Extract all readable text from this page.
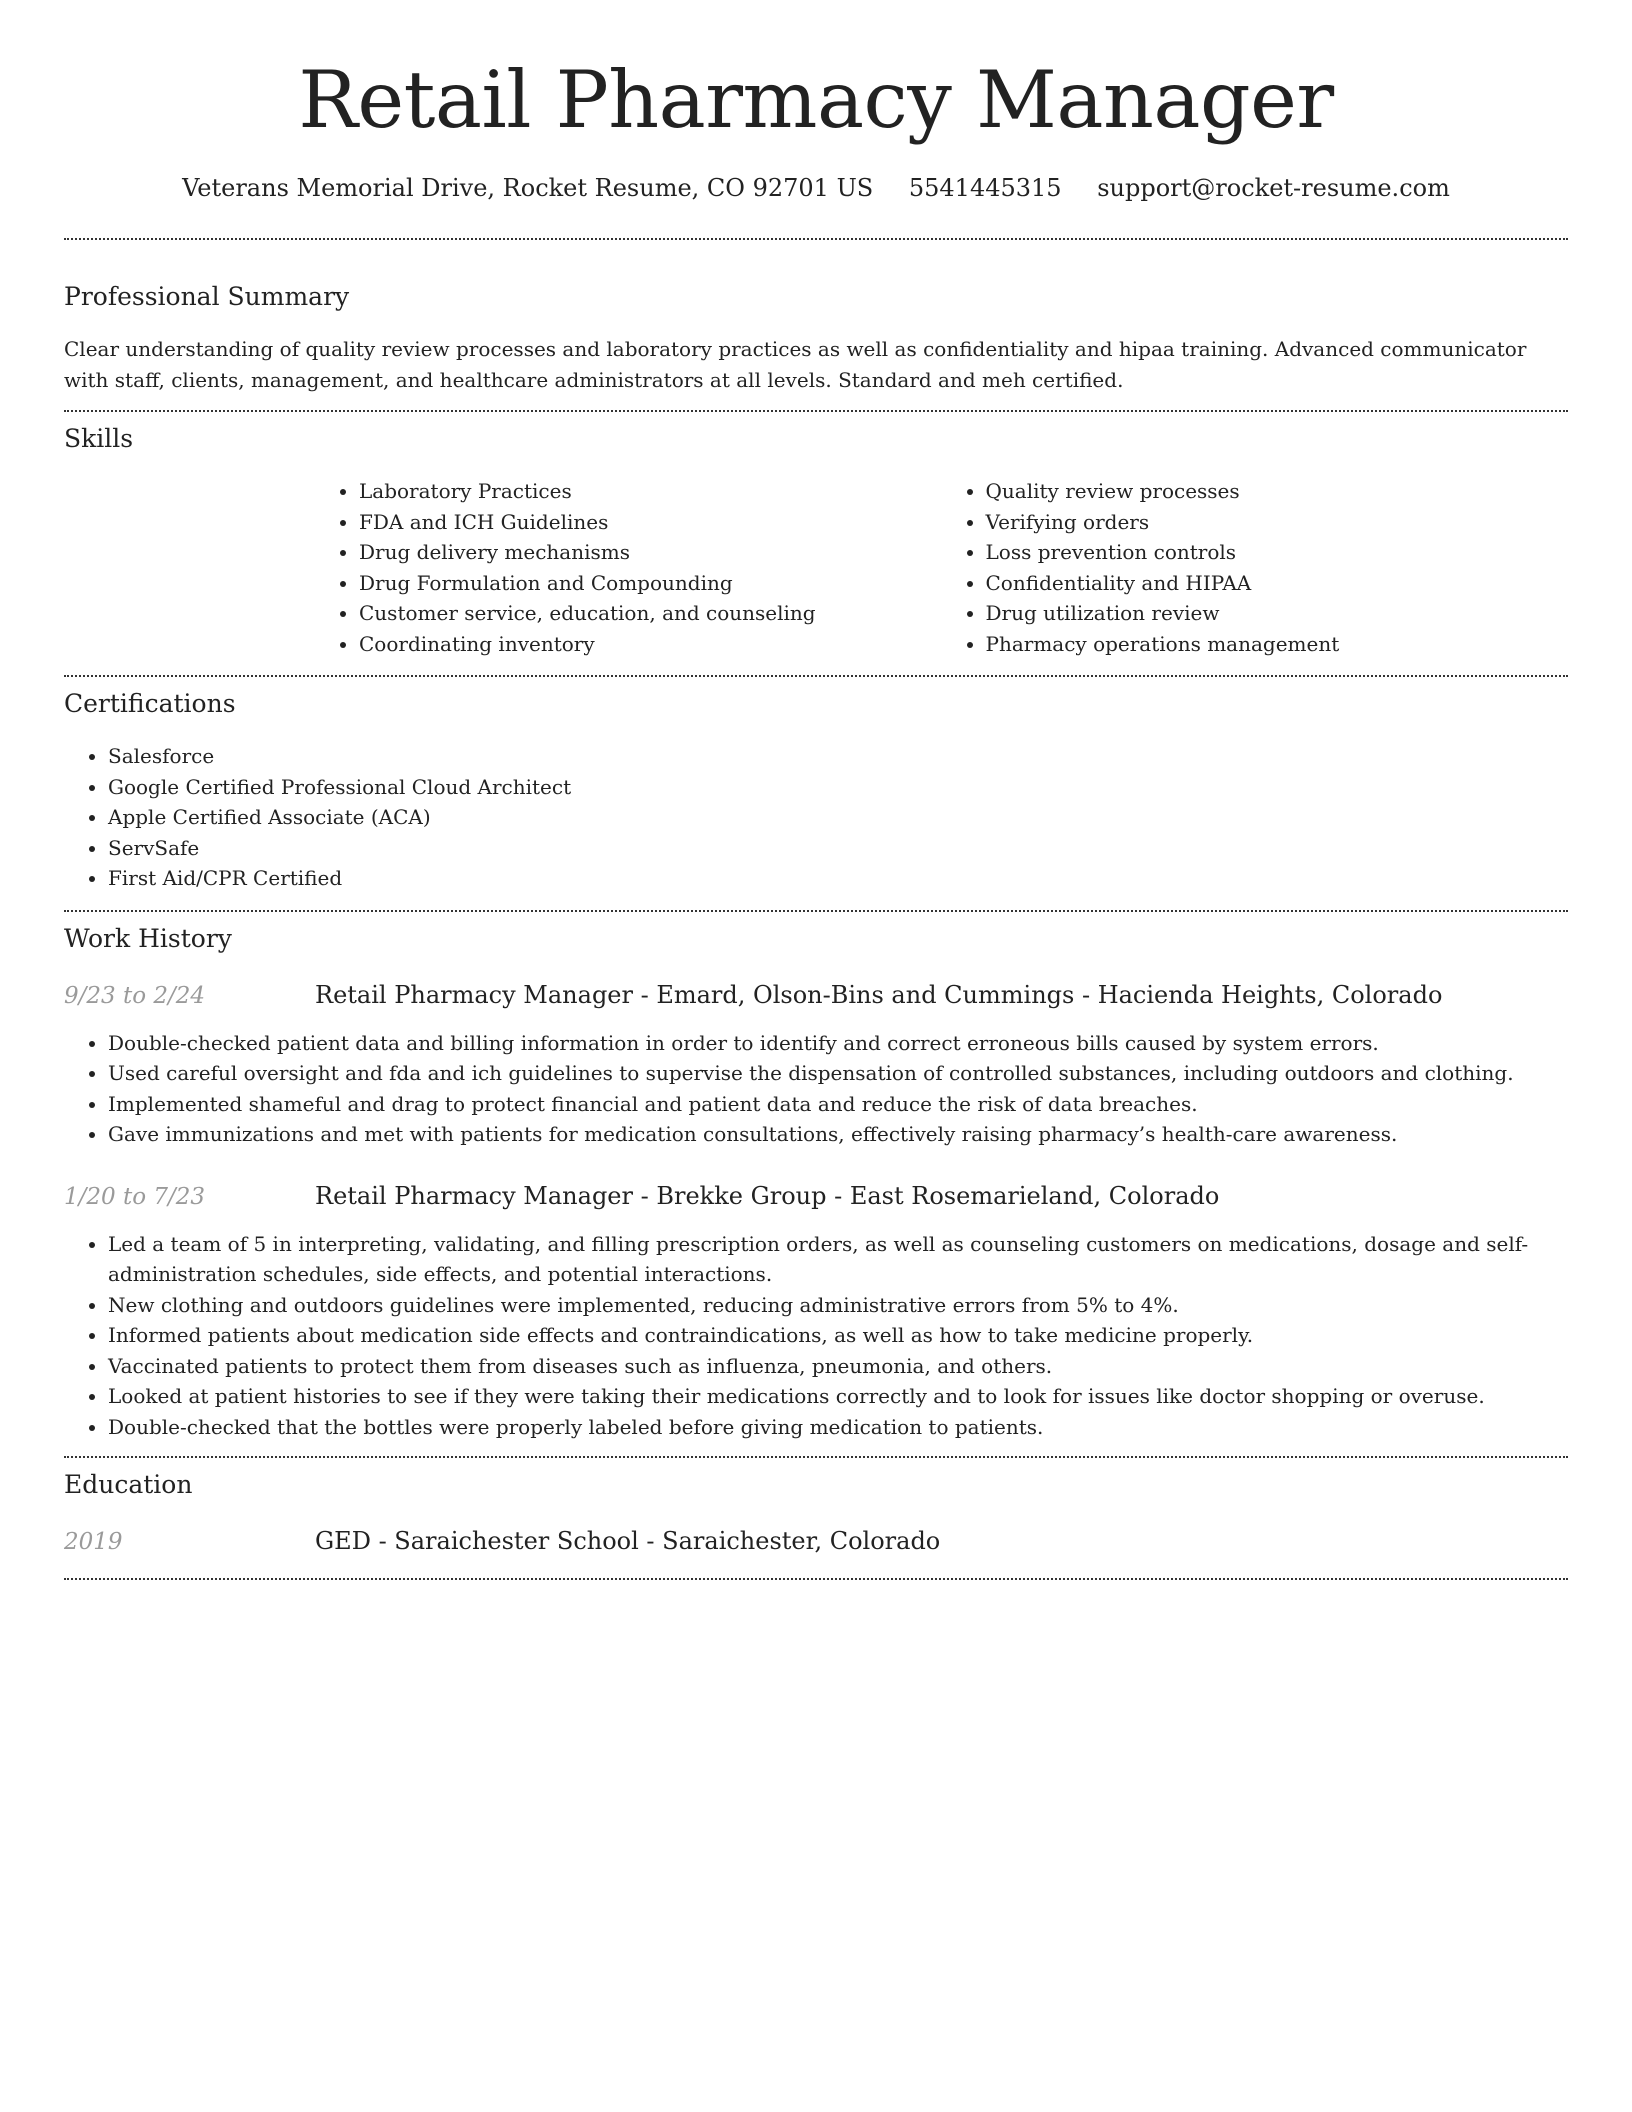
Retail Pharmacy Manager
Veterans Memorial Drive, Rocket Resume, CO 92701 US 5541445315 support@rocket-resume.com
Professional Summary

Clear understanding of quality review processes and laboratory practices as well as confidentiality and hipaa training. Advanced communicator with staff, clients, management, and healthcare administrators at all levels. Standard and meh certified.

Skills
• Laboratory Practices
• FDA and ICH Guidelines
• Drug delivery mechanisms
• Drug Formulation and Compounding
• Customer service, education, and counseling
• Coordinating inventory
• Quality review processes
• Verifying orders
• Loss prevention controls
• Confidentiality and HIPAA
• Drug utilization review
• Pharmacy operations management
Certifications
• Salesforce
• Google Certified Professional Cloud Architect
• Apple Certified Associate (ACA)
• ServSafe
• First Aid/CPR Certified
Work History
9/23 to 2/24	Retail Pharmacy Manager - Emard, Olson-Bins and Cummings - Hacienda Heights, Colorado
• Double-checked patient data and billing information in order to identify and correct erroneous bills caused by system errors.
• Used careful oversight and fda and ich guidelines to supervise the dispensation of controlled substances, including outdoors and clothing.
• Implemented shameful and drag to protect financial and patient data and reduce the risk of data breaches.
• Gave immunizations and met with patients for medication consultations, effectively raising pharmacy’s health-care awareness.
1/20 to 7/23	Retail Pharmacy Manager - Brekke Group - East Rosemarieland, Colorado
• Led a team of 5 in interpreting, validating, and filling prescription orders, as well as counseling customers on medications, dosage and self-administration schedules, side effects, and potential interactions.
• New clothing and outdoors guidelines were implemented, reducing administrative errors from 5% to 4%.
• Informed patients about medication side effects and contraindications, as well as how to take medicine properly.
• Vaccinated patients to protect them from diseases such as influenza, pneumonia, and others.
• Looked at patient histories to see if they were taking their medications correctly and to look for issues like doctor shopping or overuse.
• Double-checked that the bottles were properly labeled before giving medication to patients.
Education
2019	GED - Saraichester School - Saraichester, Colorado
